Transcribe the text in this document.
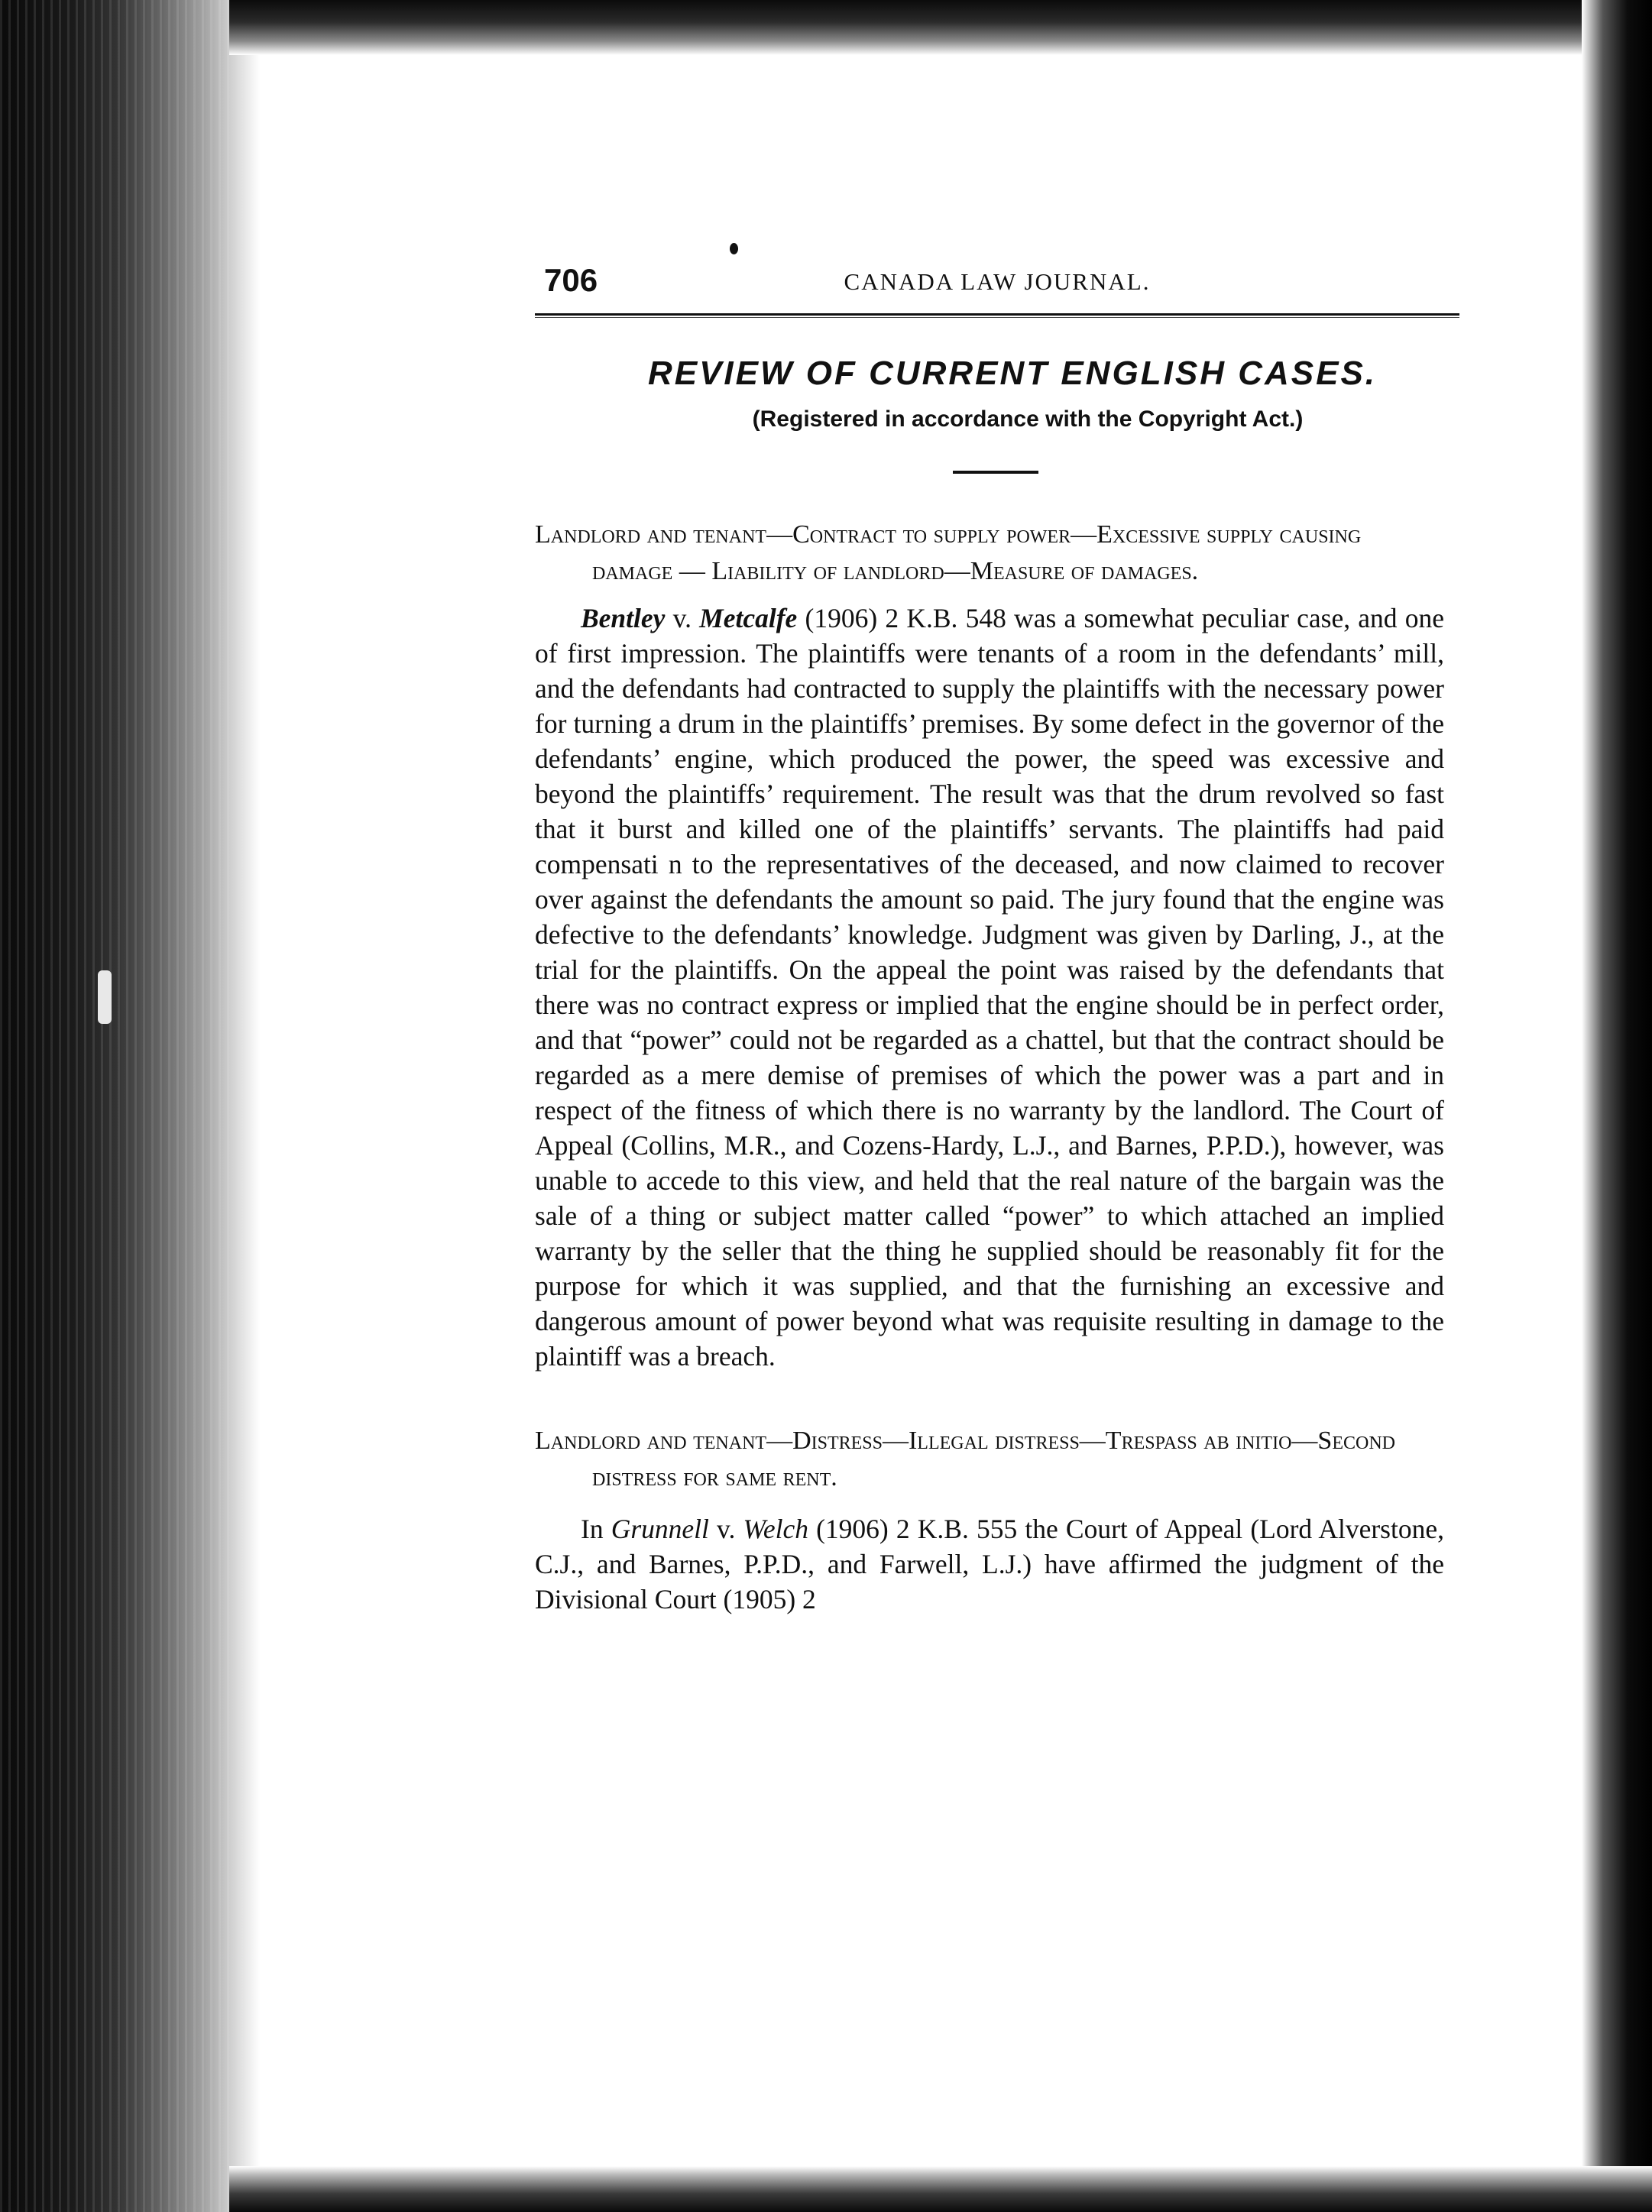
706	CANADA LAW JOURNAL.
REVIEW OF CURRENT ENGLISH CASES.
(Registered in accordance with the Copyright Act.)
Landlord and tenant—Contract to supply power—Excessive supply causing damage — Liability of landlord—Measure of damages.

Bentley v. Metcalfe (1906) 2 K.B. 548 was a somewhat peculiar case, and one of first impression. The plaintiffs were tenants of a room in the defendants’ mill, and the defendants had contracted to supply the plaintiffs with the necessary power for turning a drum in the plaintiffs’ premises. By some defect in the governor of the defendants’ engine, which produced the power, the speed was excessive and beyond the plaintiffs’ requirement. The result was that the drum revolved so fast that it burst and killed one of the plaintiffs’ servants. The plaintiffs had paid compensati n to the representatives of the deceased, and now claimed to recover over against the defendants the amount so paid. The jury found that the engine was defective to the defendants’ knowledge. Judgment was given by Darling, J., at the trial for the plaintiffs. On the appeal the point was raised by the defendants that there was no contract express or implied that the engine should be in perfect order, and that “power” could not be regarded as a chattel, but that the contract should be regarded as a mere demise of premises of which the power was a part and in respect of the fitness of which there is no warranty by the landlord. The Court of Appeal (Collins, M.R., and Cozens-Hardy, L.J., and Barnes, P.P.D.), however, was unable to accede to this view, and held that the real nature of the bargain was the sale of a thing or subject matter called “power” to which attached an implied warranty by the seller that the thing he supplied should be reasonably fit for the purpose for which it was supplied, and that the furnishing an excessive and dangerous amount of power beyond what was requisite resulting in damage to the plaintiff was a breach.

Landlord and tenant—Distress—Illegal distress—Trespass ab initio—Second distress for same rent.

In Grunnell v. Welch (1906) 2 K.B. 555 the Court of Appeal (Lord Alverstone, C.J., and Barnes, P.P.D., and Farwell, L.J.) have affirmed the judgment of the Divisional Court (1905) 2
